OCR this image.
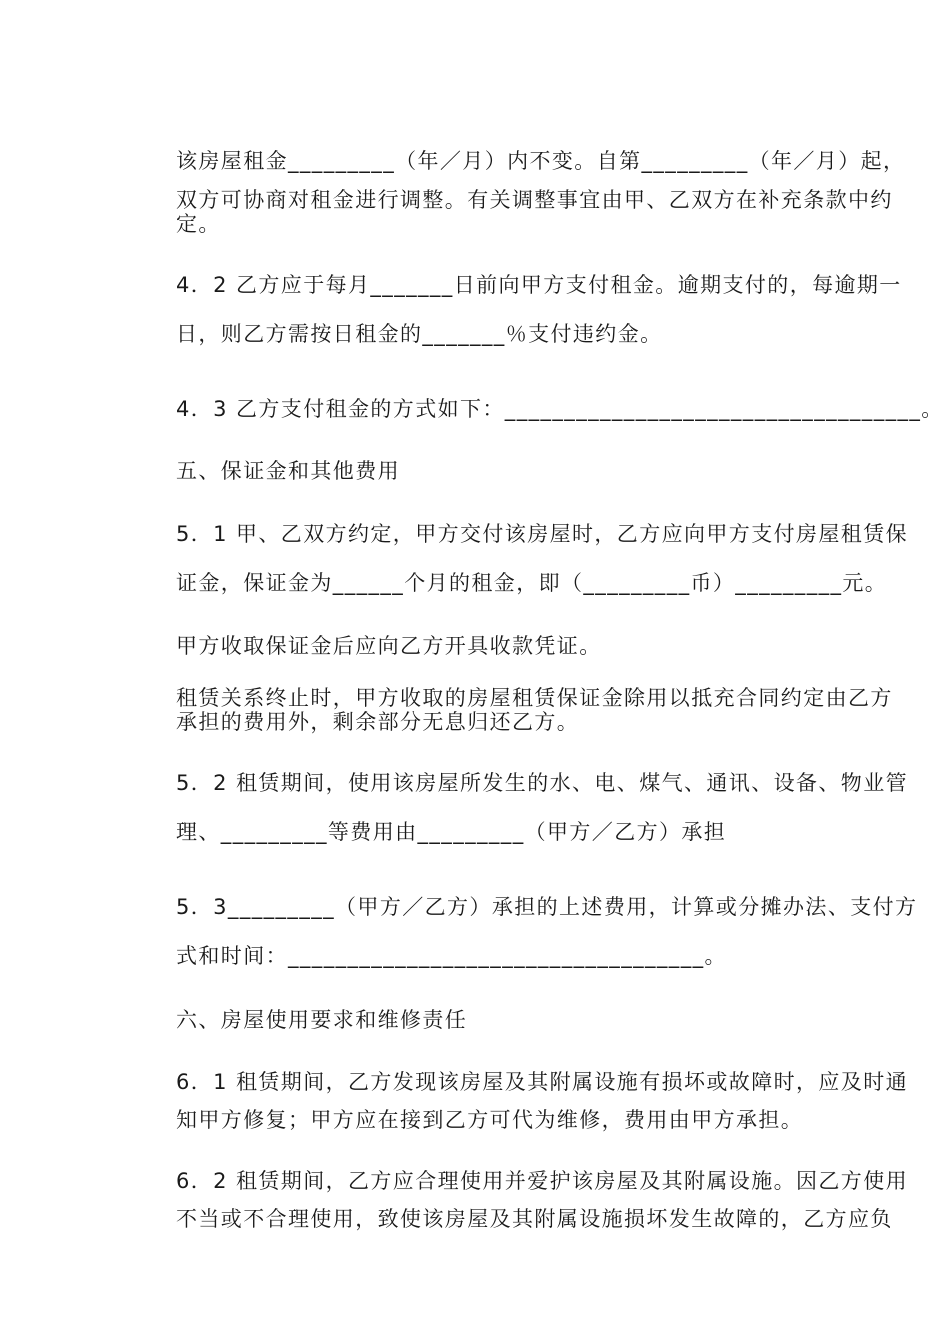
该房屋租金_________（年／月）内不变。自第_________（年／月）起，
双方可协商对租金进行调整。有关调整事宜由甲、乙双方在补充条款中约
定。
4．2 乙方应于每月_______日前向甲方支付租金。逾期支付的，每逾期一
日，则乙方需按日租金的_______％支付违约金。
4．3 乙方支付租金的方式如下：___________________________________。
五、保证金和其他费用
5．1 甲、乙双方约定，甲方交付该房屋时，乙方应向甲方支付房屋租赁保
证金，保证金为______个月的租金，即（_________币）_________元。
甲方收取保证金后应向乙方开具收款凭证。
租赁关系终止时，甲方收取的房屋租赁保证金除用以抵充合同约定由乙方
承担的费用外，剩余部分无息归还乙方。
5．2 租赁期间，使用该房屋所发生的水、电、煤气、通讯、设备、物业管
理、_________等费用由_________（甲方／乙方）承担
5．3_________（甲方／乙方）承担的上述费用，计算或分摊办法、支付方
式和时间：___________________________________。
六、房屋使用要求和维修责任
6．1 租赁期间，乙方发现该房屋及其附属设施有损坏或故障时，应及时通
知甲方修复；甲方应在接到乙方可代为维修，费用由甲方承担。
6．2 租赁期间，乙方应合理使用并爱护该房屋及其附属设施。因乙方使用
不当或不合理使用，致使该房屋及其附属设施损坏发生故障的，乙方应负
